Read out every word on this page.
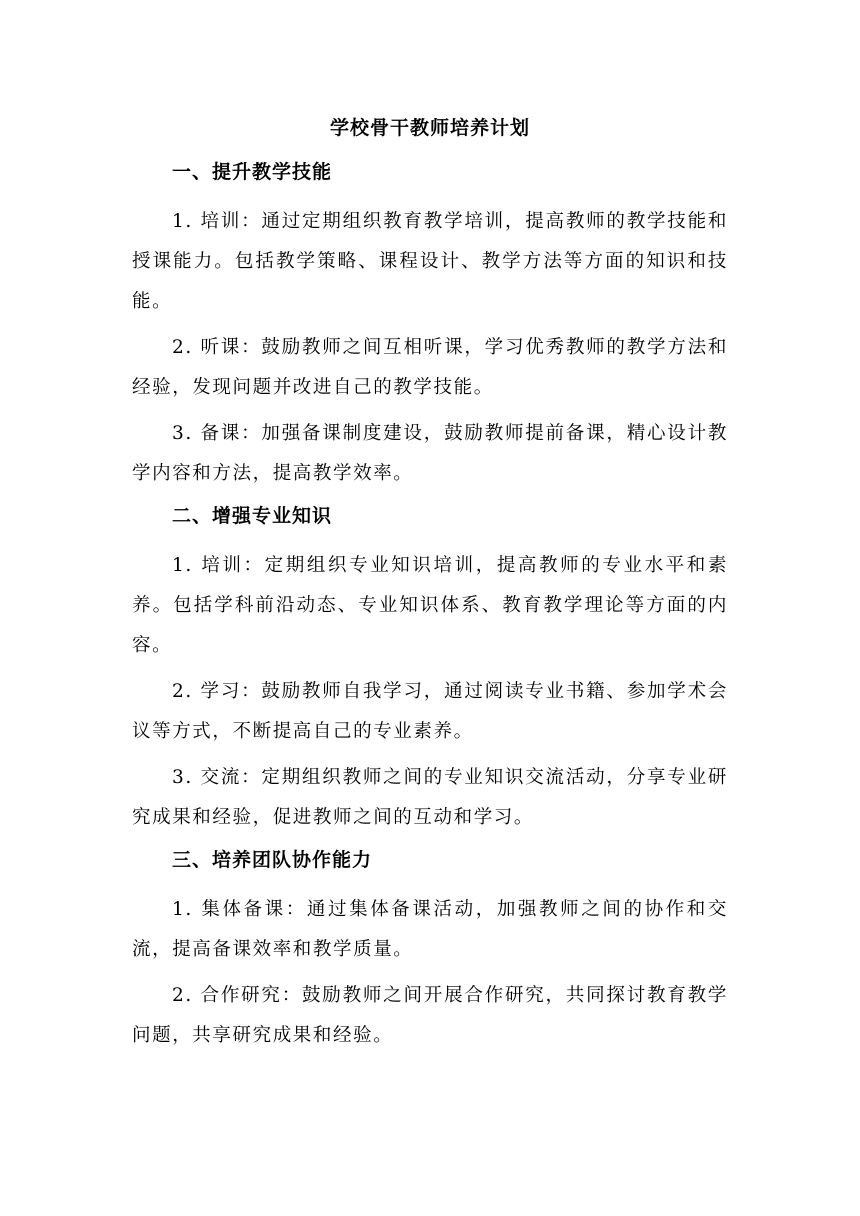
学校骨干教师培养计划
一、提升教学技能

1. 培训：通过定期组织教育教学培训，提高教师的教学技能和授课能力。包括教学策略、课程设计、教学方法等方面的知识和技能。

2. 听课：鼓励教师之间互相听课，学习优秀教师的教学方法和经验，发现问题并改进自己的教学技能。

3. 备课：加强备课制度建设，鼓励教师提前备课，精心设计教学内容和方法，提高教学效率。

二、增强专业知识

1. 培训：定期组织专业知识培训，提高教师的专业水平和素养。包括学科前沿动态、专业知识体系、教育教学理论等方面的内容。

2. 学习：鼓励教师自我学习，通过阅读专业书籍、参加学术会议等方式，不断提高自己的专业素养。

3. 交流：定期组织教师之间的专业知识交流活动，分享专业研究成果和经验，促进教师之间的互动和学习。

三、培养团队协作能力

1. 集体备课：通过集体备课活动，加强教师之间的协作和交流，提高备课效率和教学质量。

2. 合作研究：鼓励教师之间开展合作研究，共同探讨教育教学问题，共享研究成果和经验。
